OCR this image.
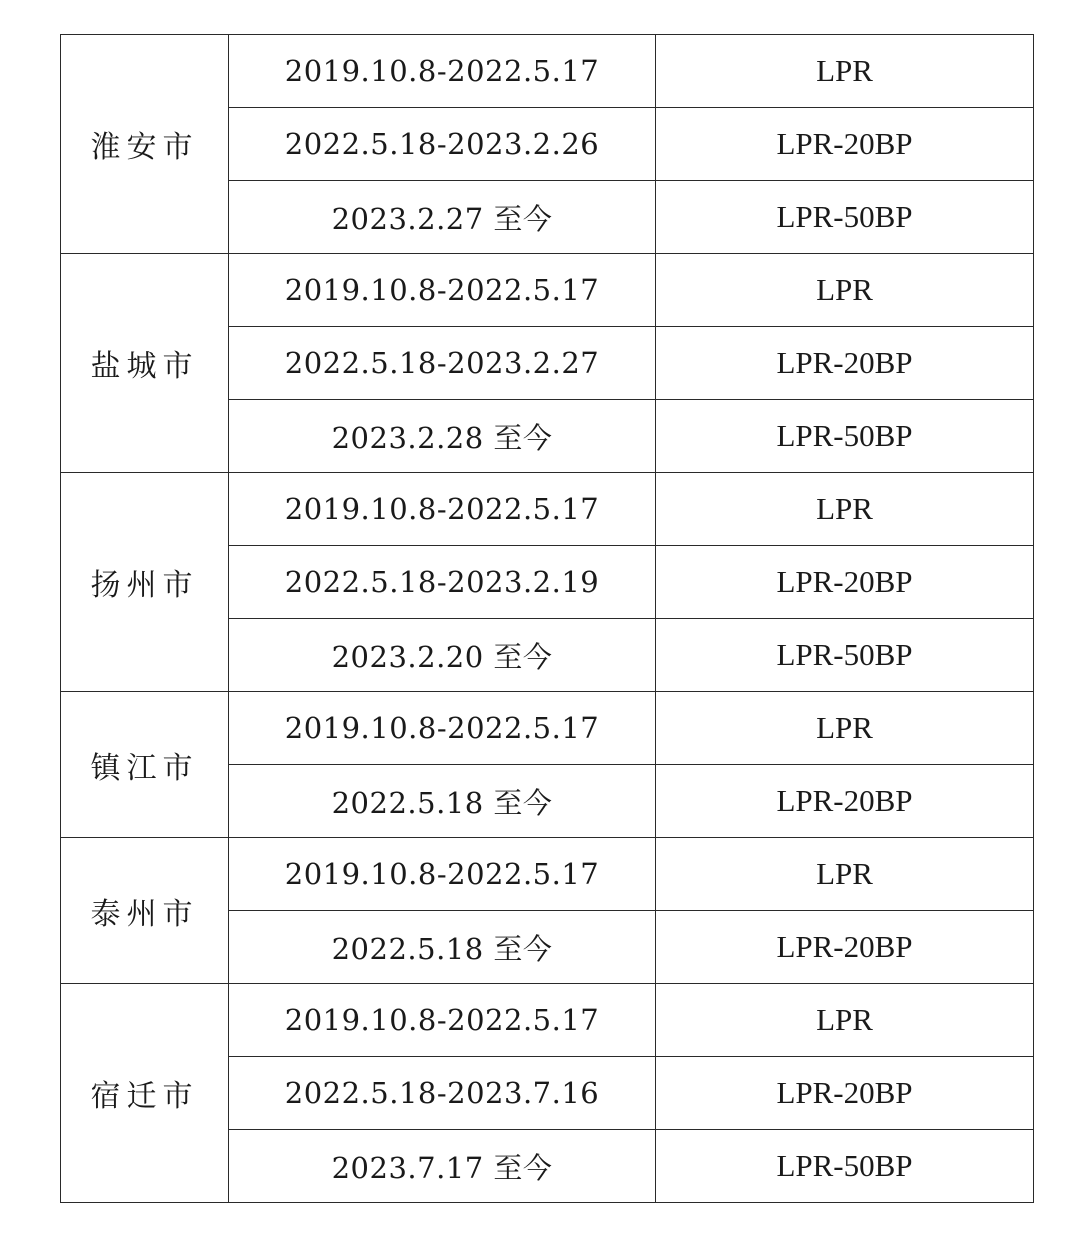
淮安市	2019.10.8-2022.5.17	LPR
	2022.5.18-2023.2.26	LPR-20BP
	2023.2.27 至今	LPR-50BP
盐城市	2019.10.8-2022.5.17	LPR
	2022.5.18-2023.2.27	LPR-20BP
	2023.2.28 至今	LPR-50BP
扬州市	2019.10.8-2022.5.17	LPR
	2022.5.18-2023.2.19	LPR-20BP
	2023.2.20 至今	LPR-50BP
镇江市	2019.10.8-2022.5.17	LPR
	2022.5.18 至今	LPR-20BP
泰州市	2019.10.8-2022.5.17	LPR
	2022.5.18 至今	LPR-20BP
宿迁市	2019.10.8-2022.5.17	LPR
	2022.5.18-2023.7.16	LPR-20BP
	2023.7.17 至今	LPR-50BP
